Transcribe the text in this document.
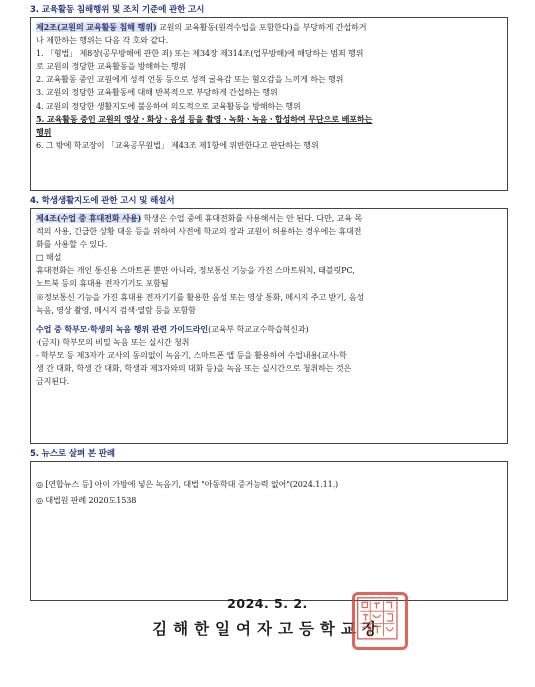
3. 교육활동 침해행위 및 조치 기준에 관한 고시
제2조(교원의 교육활동 침해 행위) 교원의 교육활동(원격수업을 포함한다)을 부당하게 간섭하거
나 제한하는 행위는 다음 각 호와 같다.
1. 「형법」 제8장(공무방해에 관한 죄) 또는 제34장 제314조(업무방해)에 해당하는 범죄 행위
로 교원의 정당한 교육활동을 방해하는 행위
2. 교육활동 중인 교원에게 성적 언동 등으로 성적 굴욕감 또는 혐오감을 느끼게 하는 행위
3. 교원의 정당한 교육활동에 대해 반복적으로 부당하게 간섭하는 행위
4. 교원의 정당한 생활지도에 불응하여 의도적으로 교육활동을 방해하는 행위
5. 교육활동 중인 교원의 영상ㆍ화상ㆍ음성 등을 촬영ㆍ녹화ㆍ녹음ㆍ합성하여 무단으로 배포하는
행위
6. 그 밖에 학교장이 「교육공무원법」 제43조 제1항에 위반한다고 판단하는 행위
4. 학생생활지도에 관한 고시 및 해설서
제4조(수업 중 휴대전화 사용) 학생은 수업 중에 휴대전화를 사용해서는 안 된다. 다만, 교육 목
적의 사용, 긴급한 상황 대응 등을 위하여 사전에 학교의 장과 교원이 허용하는 경우에는 휴대전
화를 사용할 수 있다.
□ 해설
휴대전화는 개인 통신용 스마트폰 뿐만 아니라, 정보통신 기능을 가진 스마트워치, 태블릿PC,
노트북 등의 휴대용 전자기기도 포함됨
※정보통신 기능을 가진 휴대용 전자기기를 활용한 음성 또는 영상 통화, 메시지 주고 받기, 음성
녹음, 영상 촬영, 메시지 검색·열람 등을 포함함
수업 중 학부모·학생의 녹음 행위 관련 가이드라인(교육부 학교교수학습혁신과)
·(금지) 학부모의 비밀 녹음 또는 실시간 청취
- 학부모 등 제3자가 교사의 동의없이 녹음기, 스마트폰 앱 등을 활용하여 수업내용(교사-학
생 간 대화, 학생 간 대화, 학생과 제3자와의 대화 등)을 녹음 또는 실시간으로 청취하는 것은
금지된다.
5. 뉴스로 살펴 본 판례
◎ [연합뉴스 등] 아이 가방에 넣은 녹음기, 대법 "아동학대 증거능력 없어"(2024.1.11.)
◎ 대법원 판례 2020도1538
2024. 5. 2.
김해한일여자고등학교장
